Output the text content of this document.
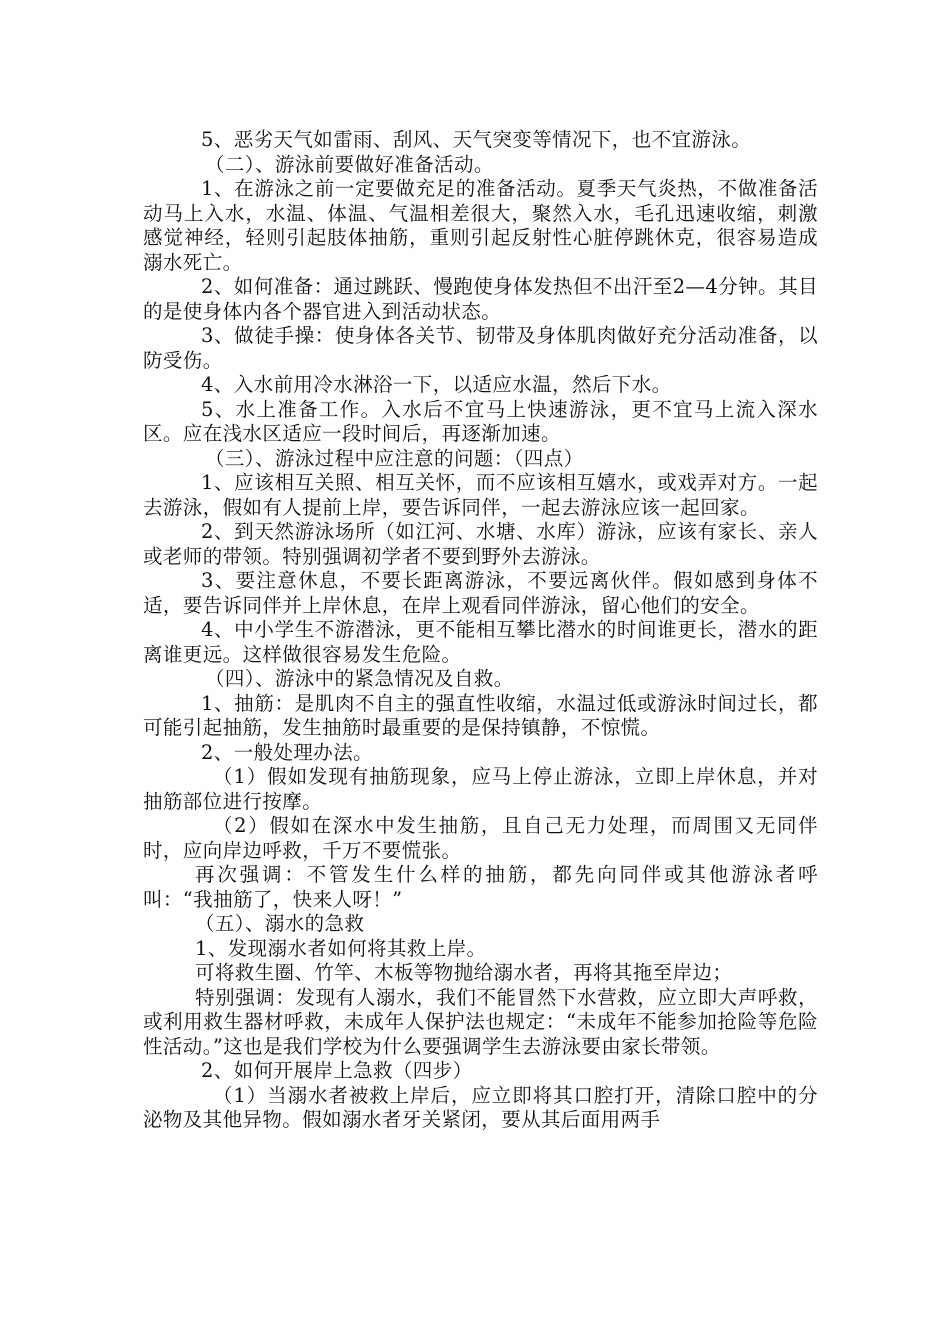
5、恶劣天气如雷雨、刮风、天气突变等情况下，也不宜游泳。

（二）、游泳前要做好准备活动。

1、在游泳之前一定要做充足的准备活动。夏季天气炎热，不做准备活动马上入水，水温、体温、气温相差很大，聚然入水，毛孔迅速收缩，刺激感觉神经，轻则引起肢体抽筋，重则引起反射性心脏停跳休克，很容易造成溺水死亡。

2、如何准备：通过跳跃、慢跑使身体发热但不出汗至2—4分钟。其目的是使身体内各个器官进入到活动状态。

3、做徒手操：使身体各关节、韧带及身体肌肉做好充分活动准备，以防受伤。

4、入水前用冷水淋浴一下，以适应水温，然后下水。

5、水上准备工作。入水后不宜马上快速游泳，更不宜马上流入深水区。应在浅水区适应一段时间后，再逐渐加速。

（三）、游泳过程中应注意的问题：（四点）

1、应该相互关照、相互关怀，而不应该相互嬉水，或戏弄对方。一起去游泳，假如有人提前上岸，要告诉同伴，一起去游泳应该一起回家。

2、到天然游泳场所（如江河、水塘、水库）游泳，应该有家长、亲人或老师的带领。特别强调初学者不要到野外去游泳。

3、要注意休息，不要长距离游泳，不要远离伙伴。假如感到身体不适，要告诉同伴并上岸休息，在岸上观看同伴游泳，留心他们的安全。

4、中小学生不游潜泳，更不能相互攀比潜水的时间谁更长，潜水的距离谁更远。这样做很容易发生危险。

（四）、游泳中的紧急情况及自救。

1、抽筋：是肌肉不自主的强直性收缩，水温过低或游泳时间过长，都可能引起抽筋，发生抽筋时最重要的是保持镇静，不惊慌。

2、一般处理办法。

（1）假如发现有抽筋现象，应马上停止游泳，立即上岸休息，并对抽筋部位进行按摩。

（2）假如在深水中发生抽筋，且自己无力处理，而周围又无同伴时，应向岸边呼救，千万不要慌张。

再次强调：不管发生什么样的抽筋，都先向同伴或其他游泳者呼叫：“我抽筋了，快来人呀！”

（五）、溺水的急救

1、发现溺水者如何将其救上岸。

可将救生圈、竹竿、木板等物抛给溺水者，再将其拖至岸边；

特别强调：发现有人溺水，我们不能冒然下水营救，应立即大声呼救，或利用救生器材呼救，未成年人保护法也规定：“未成年不能参加抢险等危险性活动。”这也是我们学校为什么要强调学生去游泳要由家长带领。

2、如何开展岸上急救（四步）

（1）当溺水者被救上岸后，应立即将其口腔打开，清除口腔中的分泌物及其他异物。假如溺水者牙关紧闭，要从其后面用两手
